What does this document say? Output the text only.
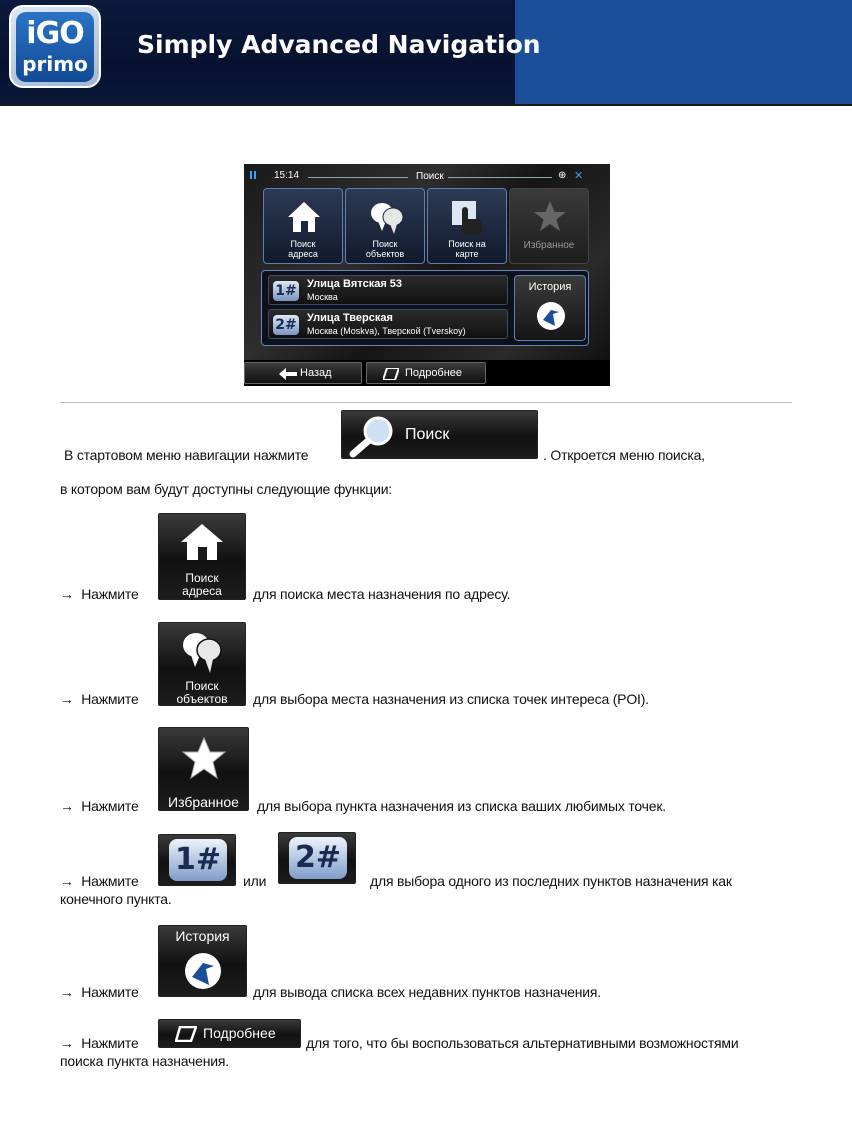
iGO
primo
Simply Advanced Navigation
15:14	Поиск	⊕ ✕
Поиск
адреса
Поиск
объектов
Поиск на
карте
Избранное
1# Улица Вятская 53
Москва
2# Улица Тверская
Москва (Moskva), Тверской (Tverskoy)
История
Назад	Подробнее
В стартовом меню навигации нажмите
Поиск
. Откроется меню поиска,
в котором вам будут доступны следующие функции:
→ Нажмите
Поиск
адреса	для поиска места назначения по адресу.
→ Нажмите
Поиск
объектов	для выбора места назначения из списка точек интереса (POI).
→ Нажмите	Избранное	для выбора пункта назначения из списка ваших любимых точек.
→ Нажмите
1#
или
2#
для выбора одного из последних пунктов назначения как
конечного пункта.
→ Нажмите
История
для вывода списка всех недавних пунктов назначения.
→ Нажмите
Подробнее
для того, что бы воспользоваться альтернативными возможностями
поиска пункта назначения.
